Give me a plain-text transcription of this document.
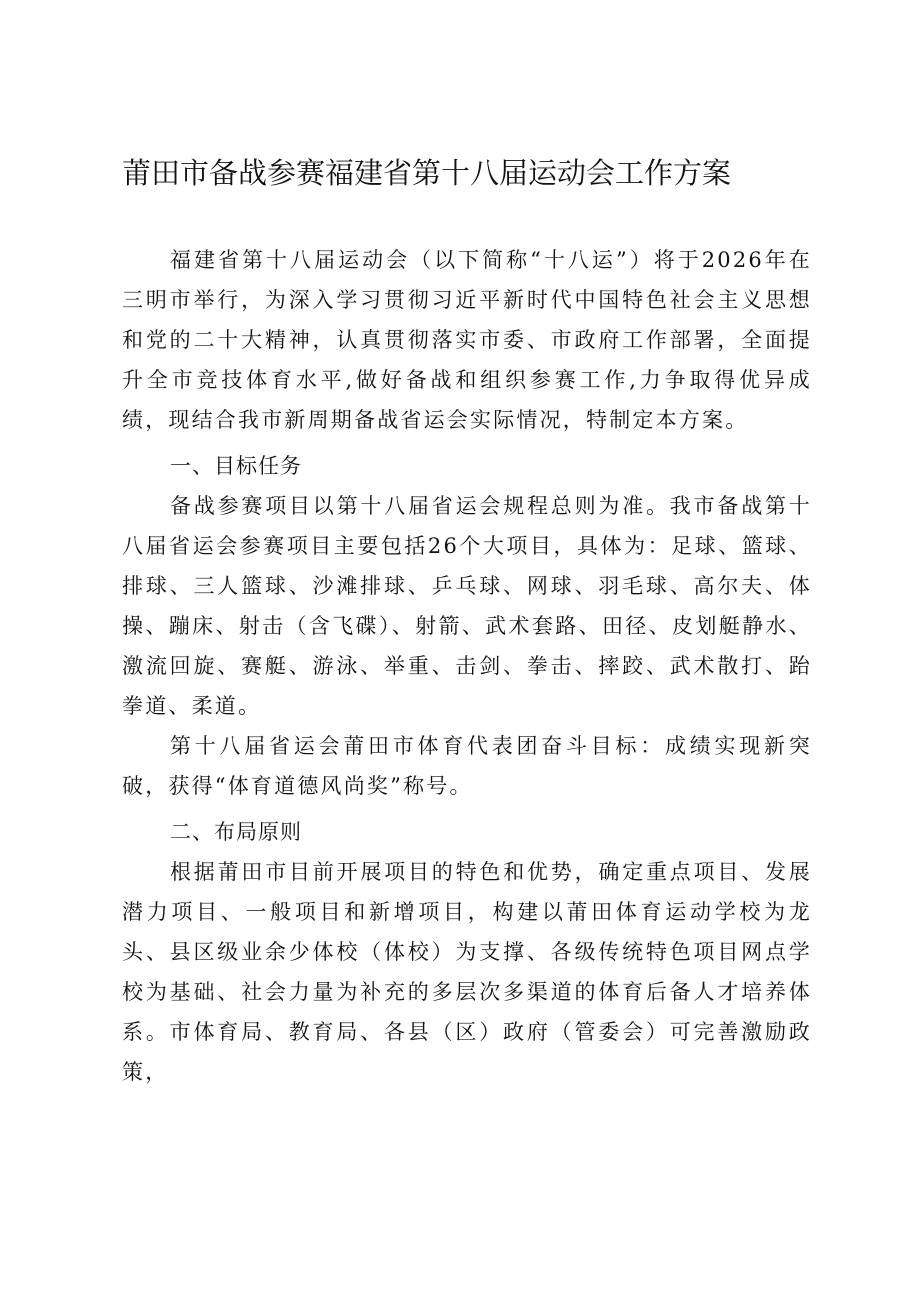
莆田市备战参赛福建省第十八届运动会工作方案

福建省第十八届运动会（以下简称“十八运”）将于2026年在三明市举行，为深入学习贯彻习近平新时代中国特色社会主义思想和党的二十大精神，认真贯彻落实市委、市政府工作部署，全面提升全市竞技体育水平,做好备战和组织参赛工作,力争取得优异成绩，现结合我市新周期备战省运会实际情况，特制定本方案。

一、目标任务

备战参赛项目以第十八届省运会规程总则为准。我市备战第十八届省运会参赛项目主要包括26个大项目，具体为：足球、篮球、排球、三人篮球、沙滩排球、乒乓球、网球、羽毛球、高尔夫、体操、蹦床、射击（含飞碟）、射箭、武术套路、田径、皮划艇静水、激流回旋、赛艇、游泳、举重、击剑、拳击、摔跤、武术散打、跆拳道、柔道。

第十八届省运会莆田市体育代表团奋斗目标：成绩实现新突破，获得“体育道德风尚奖”称号。

二、布局原则

根据莆田市目前开展项目的特色和优势，确定重点项目、发展潜力项目、一般项目和新增项目，构建以莆田体育运动学校为龙头、县区级业余少体校（体校）为支撑、各级传统特色项目网点学校为基础、社会力量为补充的多层次多渠道的体育后备人才培养体系。市体育局、教育局、各县（区）政府（管委会）可完善激励政策，
